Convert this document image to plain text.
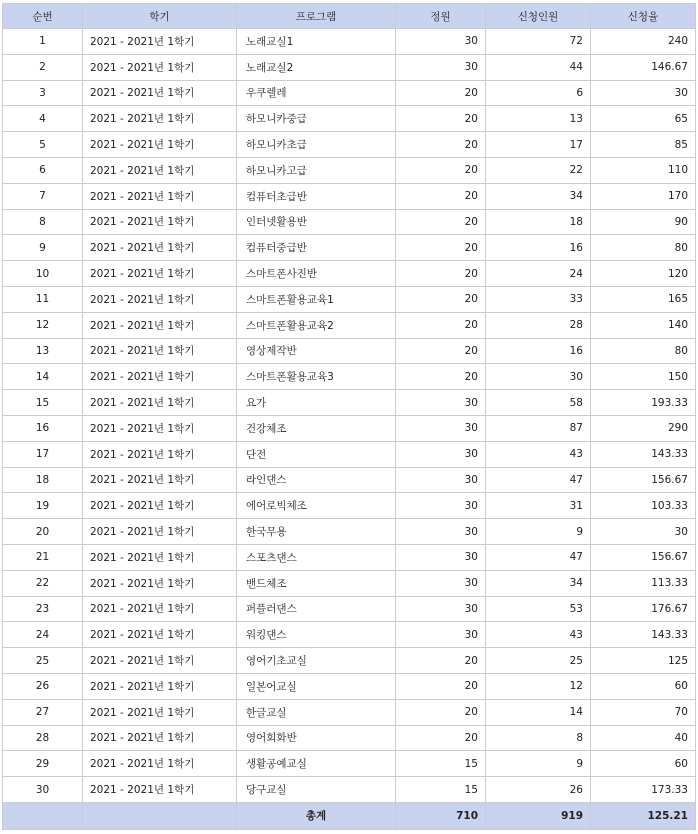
순번	학기	프로그램	정원	신청인원	신청율
1	2021 - 2021년 1학기	노래교실1	30	72	240
2	2021 - 2021년 1학기	노래교실2	30	44	146.67
3	2021 - 2021년 1학기	우쿠렐레	20	6	30
4	2021 - 2021년 1학기	하모니카중급	20	13	65
5	2021 - 2021년 1학기	하모니카초급	20	17	85
6	2021 - 2021년 1학기	하모니카고급	20	22	110
7	2021 - 2021년 1학기	컴퓨터초급반	20	34	170
8	2021 - 2021년 1학기	인터넷활용반	20	18	90
9	2021 - 2021년 1학기	컴퓨터중급반	20	16	80
10	2021 - 2021년 1학기	스마트폰사진반	20	24	120
11	2021 - 2021년 1학기	스마트폰활용교육1	20	33	165
12	2021 - 2021년 1학기	스마트폰활용교육2	20	28	140
13	2021 - 2021년 1학기	영상제작반	20	16	80
14	2021 - 2021년 1학기	스마트폰활용교육3	20	30	150
15	2021 - 2021년 1학기	요가	30	58	193.33
16	2021 - 2021년 1학기	건강체조	30	87	290
17	2021 - 2021년 1학기	단전	30	43	143.33
18	2021 - 2021년 1학기	라인댄스	30	47	156.67
19	2021 - 2021년 1학기	에어로빅체조	30	31	103.33
20	2021 - 2021년 1학기	한국무용	30	9	30
21	2021 - 2021년 1학기	스포츠댄스	30	47	156.67
22	2021 - 2021년 1학기	밴드체조	30	34	113.33
23	2021 - 2021년 1학기	퍼플러댄스	30	53	176.67
24	2021 - 2021년 1학기	워킹댄스	30	43	143.33
25	2021 - 2021년 1학기	영어기초교실	20	25	125
26	2021 - 2021년 1학기	일본어교실	20	12	60
27	2021 - 2021년 1학기	한글교실	20	14	70
28	2021 - 2021년 1학기	영어회화반	20	8	40
29	2021 - 2021년 1학기	생활공예교실	15	9	60
30	2021 - 2021년 1학기	당구교실	15	26	173.33
		총계	710	919	125.21
